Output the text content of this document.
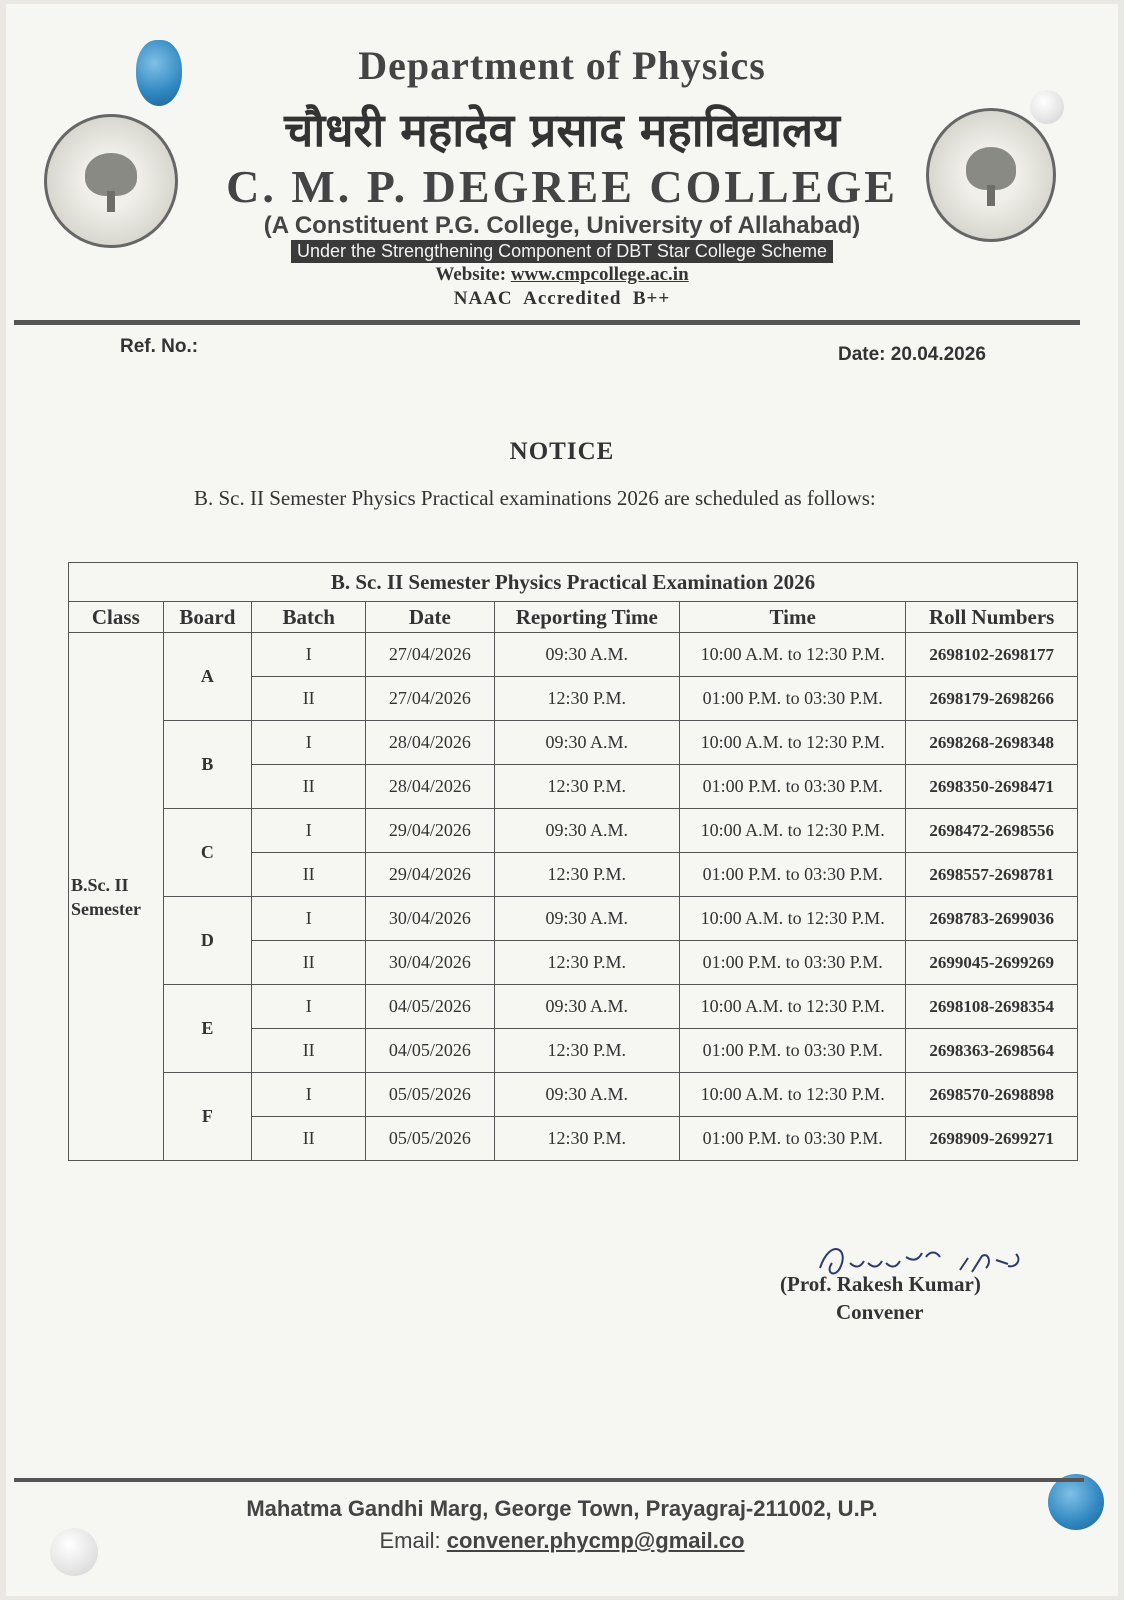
Department of Physics
चौधरी महादेव प्रसाद महाविद्यालय
C. M. P. DEGREE COLLEGE
(A Constituent P.G. College, University of Allahabad)
Under the Strengthening Component of DBT Star College Scheme
Website: www.cmpcollege.ac.in
NAAC  Accredited  B++
Ref. No.:	Date: 20.04.2026
NOTICE
B. Sc. II Semester Physics Practical examinations 2026 are scheduled as follows:
B. Sc. II Semester Physics Practical Examination 2026						
Class	Board	Batch	Date	Reporting Time	Time	Roll Numbers
B.Sc. II
Semester	A	I	27/04/2026	09:30 A.M.	10:00 A.M. to 12:30 P.M.	2698102-2698177
		II	27/04/2026	12:30 P.M.	01:00 P.M. to 03:30 P.M.	2698179-2698266
	B	I	28/04/2026	09:30 A.M.	10:00 A.M. to 12:30 P.M.	2698268-2698348
		II	28/04/2026	12:30 P.M.	01:00 P.M. to 03:30 P.M.	2698350-2698471
	C	I	29/04/2026	09:30 A.M.	10:00 A.M. to 12:30 P.M.	2698472-2698556
		II	29/04/2026	12:30 P.M.	01:00 P.M. to 03:30 P.M.	2698557-2698781
	D	I	30/04/2026	09:30 A.M.	10:00 A.M. to 12:30 P.M.	2698783-2699036
		II	30/04/2026	12:30 P.M.	01:00 P.M. to 03:30 P.M.	2699045-2699269
	E	I	04/05/2026	09:30 A.M.	10:00 A.M. to 12:30 P.M.	2698108-2698354
		II	04/05/2026	12:30 P.M.	01:00 P.M. to 03:30 P.M.	2698363-2698564
	F	I	05/05/2026	09:30 A.M.	10:00 A.M. to 12:30 P.M.	2698570-2698898
		II	05/05/2026	12:30 P.M.	01:00 P.M. to 03:30 P.M.	2698909-2699271
(Prof. Rakesh Kumar)
Convener
Mahatma Gandhi Marg, George Town, Prayagraj-211002, U.P.
Email: convener.phycmp@gmail.co
